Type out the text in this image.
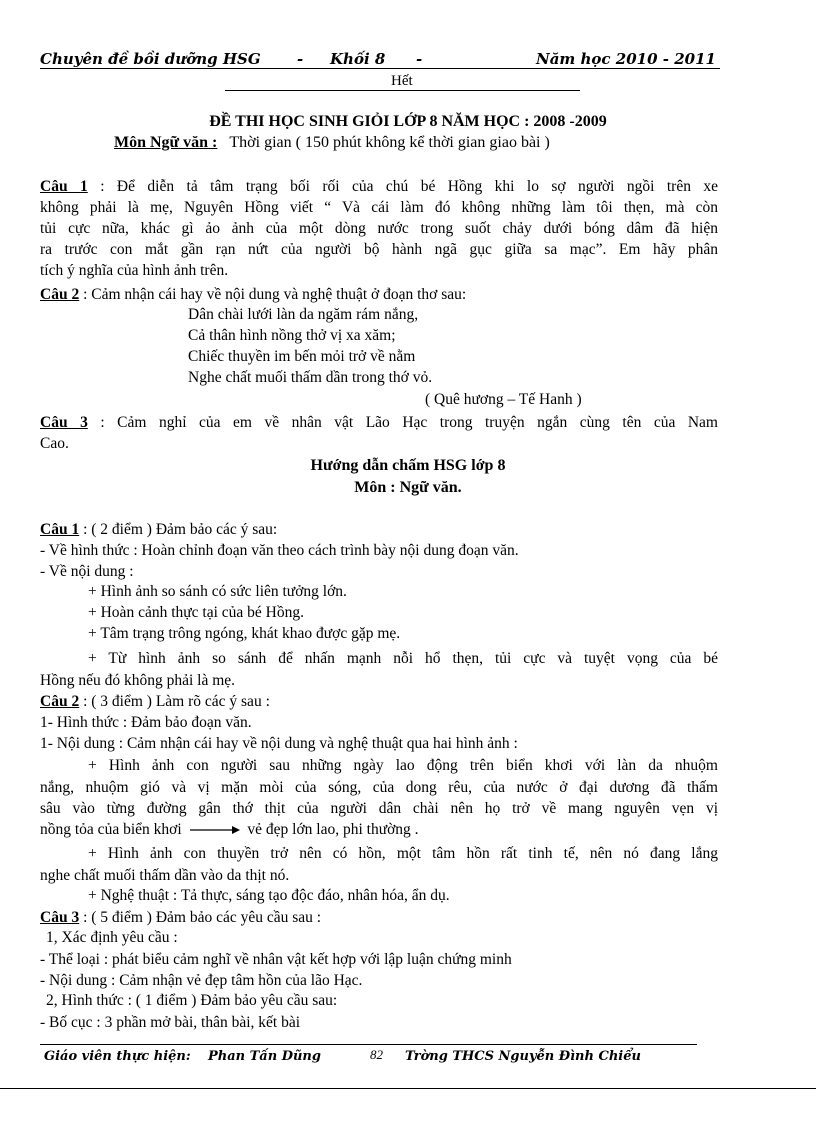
Chuyên đề bồi dưỡng HSG - Khối 8 -	Năm học 2010 - 2011
Hết
ĐỀ THI HỌC SINH GIỎI LỚP 8 NĂM HỌC : 2008 -2009
Môn Ngữ văn : Thời gian ( 150 phút không kể thời gian giao bài )
Câu 1 : Để diễn tả tâm trạng bối rối của chú bé Hồng khi lo sợ người ngồi trên xe
không phải là mẹ, Nguyên Hồng viết “ Và cái làm đó không những làm tôi thẹn, mà còn
tủi cực nữa, khác gì ảo ảnh của một dòng nước trong suốt chảy dưới bóng dâm đã hiện
ra trước con mắt gần rạn nứt của người bộ hành ngã gục giữa sa mạc”. Em hãy phân
tích ý nghĩa của hình ảnh trên.
Câu 2 : Cảm nhận cái hay về nội dung và nghệ thuật ở đoạn thơ sau:
Dân chài lưới làn da ngăm rám nắng,
Cả thân hình nồng thở vị xa xăm;
Chiếc thuyền im bến mỏi trở về nằm
Nghe chất muối thấm dần trong thớ vỏ.
( Quê hương – Tế Hanh )
Câu 3 : Cảm nghỉ của em về nhân vật Lão Hạc trong truyện ngắn cùng tên của Nam
Cao.
Hướng dẫn chấm HSG lớp 8
Môn : Ngữ văn.
Câu 1 : ( 2 điểm ) Đảm bảo các ý sau:
- Về hình thức : Hoàn chỉnh đoạn văn theo cách trình bày nội dung đoạn văn.
- Về nội dung :
+ Hình ảnh so sánh có sức liên tưởng lớn.
+ Hoàn cảnh thực tại của bé Hồng.
+ Tâm trạng trông ngóng, khát khao được gặp mẹ.
+ Từ hình ảnh so sánh để nhấn mạnh nỗi hổ thẹn, tủi cực và tuyệt vọng của bé
Hồng nếu đó không phải là mẹ.
Câu 2 : ( 3 điểm ) Làm rõ các ý sau :
1- Hình thức : Đảm bảo đoạn văn.
1- Nội dung : Cảm nhận cái hay về nội dung và nghệ thuật qua hai hình ảnh :
+ Hình ảnh con người sau những ngày lao động trên biển khơi với làn da nhuộm
nắng, nhuộm gió và vị mặn mòi của sóng, của dong rêu, của nước ở đại dương đã thấm
sâu vào từng đường gân thớ thịt của người dân chài nên họ trở về mang nguyên vẹn vị
nồng tỏa của biển khơi	vẻ đẹp lớn lao, phi thường .
+ Hình ảnh con thuyền trở nên có hồn, một tâm hồn rất tinh tế, nên nó đang lắng
nghe chất muối thấm dần vào da thịt nó.
+ Nghệ thuật : Tả thực, sáng tạo độc đáo, nhân hóa, ẩn dụ.
Câu 3 : ( 5 điểm ) Đảm bảo các yêu cầu sau :
1, Xác định yêu cầu :
- Thể loại : phát biểu cảm nghĩ về nhân vật kết hợp với lập luận chứng minh
- Nội dung : Cảm nhận vẻ đẹp tâm hồn của lão Hạc.
2, Hình thức : ( 1 điểm ) Đảm bảo yêu cầu sau:
- Bố cục : 3 phần mở bài, thân bài, kết bài
Giáo viên thực hiện: Phan Tấn Dũng	82 Trờng THCS Nguyễn Đình Chiểu
